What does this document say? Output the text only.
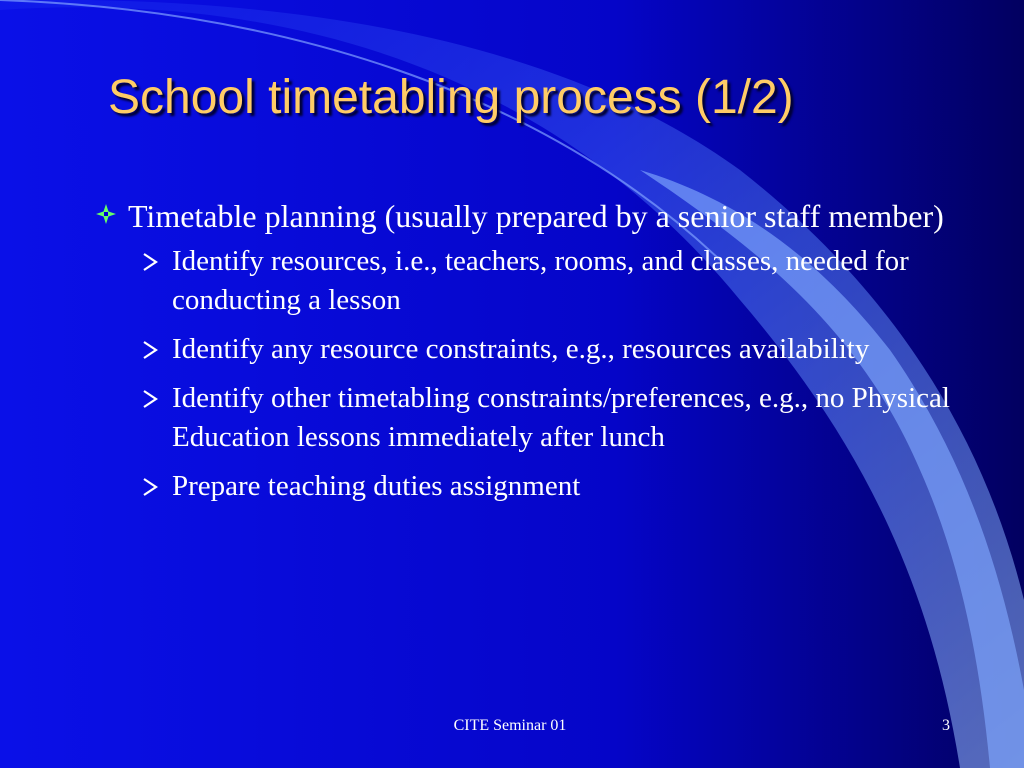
School timetabling process (1/2)
Timetable planning (usually prepared by a senior staff member)
Identify resources, i.e., teachers, rooms, and classes, needed for conducting a lesson
Identify any resource constraints, e.g., resources availability
Identify other timetabling constraints/preferences, e.g., no Physical Education lessons immediately after lunch
Prepare teaching duties assignment
CITE Seminar 01	3
